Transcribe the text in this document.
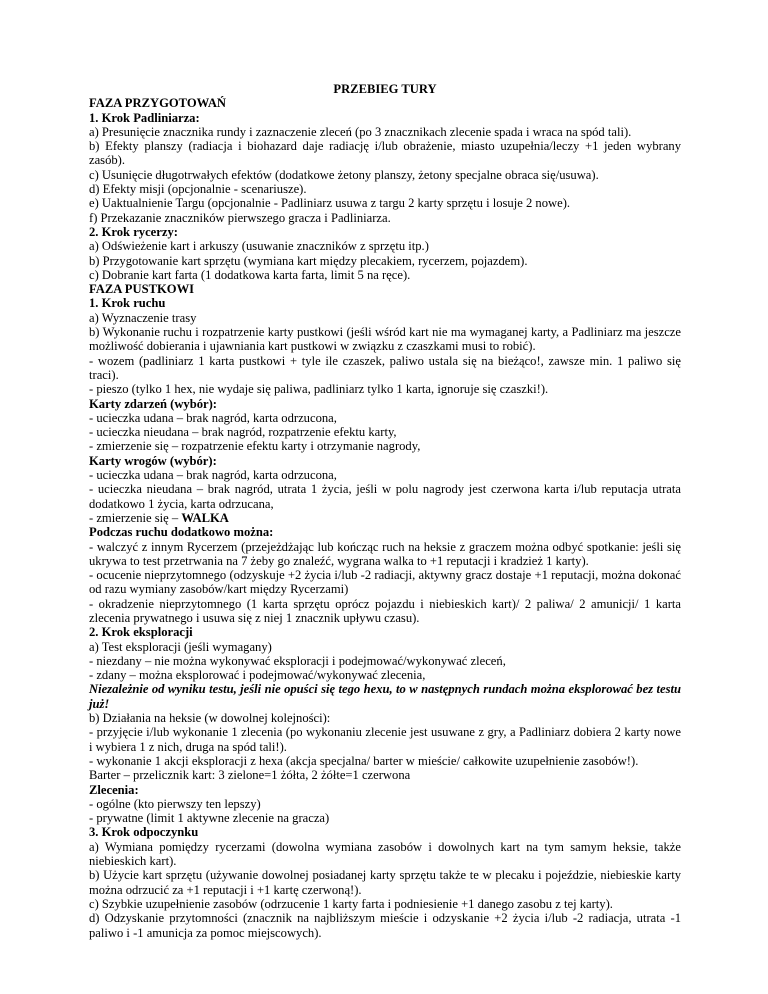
PRZEBIEG TURY

FAZA PRZYGOTOWAŃ

1. Krok Padliniarza:

a) Presunięcie znacznika rundy i zaznaczenie zleceń (po 3 znacznikach zlecenie spada i wraca na spód tali).

b) Efekty planszy (radiacja i biohazard daje radiację i/lub obrażenie, miasto uzupełnia/leczy +1 jeden wybrany zasób).

c) Usunięcie długotrwałych efektów (dodatkowe żetony planszy, żetony specjalne obraca się/usuwa).

d) Efekty misji (opcjonalnie - scenariusze).

e) Uaktualnienie Targu (opcjonalnie - Padliniarz usuwa z targu 2 karty sprzętu i losuje 2 nowe).

f) Przekazanie znaczników pierwszego gracza i Padliniarza.

2. Krok rycerzy:

a) Odświeżenie kart i arkuszy (usuwanie znaczników z sprzętu itp.)

b) Przygotowanie kart sprzętu (wymiana kart między plecakiem, rycerzem, pojazdem).

c) Dobranie kart farta (1 dodatkowa karta farta, limit 5 na ręce).

FAZA PUSTKOWI

1. Krok ruchu

a) Wyznaczenie trasy

b) Wykonanie ruchu i rozpatrzenie karty pustkowi (jeśli wśród kart nie ma wymaganej karty, a Padliniarz ma jeszcze możliwość dobierania i ujawniania kart pustkowi w związku z czaszkami musi to robić).

- wozem (padliniarz 1 karta pustkowi + tyle ile czaszek, paliwo ustala się na bieżąco!, zawsze min. 1 paliwo się traci).

- pieszo (tylko 1 hex, nie wydaje się paliwa, padliniarz tylko 1 karta, ignoruje się czaszki!).

Karty zdarzeń (wybór):

- ucieczka udana – brak nagród, karta odrzucona,

- ucieczka nieudana – brak nagród, rozpatrzenie efektu karty,

- zmierzenie się – rozpatrzenie efektu karty i otrzymanie nagrody,

Karty wrogów (wybór):

- ucieczka udana – brak nagród, karta odrzucona,

- ucieczka nieudana – brak nagród, utrata 1 życia, jeśli w polu nagrody jest czerwona karta i/lub reputacja utrata dodatkowo 1 życia, karta odrzucana,

- zmierzenie się – WALKA

Podczas ruchu dodatkowo można:

- walczyć z innym Rycerzem (przejeżdżając lub kończąc ruch na heksie z graczem można odbyć spotkanie: jeśli się ukrywa to test przetrwania na 7 żeby go znaleźć, wygrana walka to +1 reputacji i kradzież 1 karty).

- ocucenie nieprzytomnego (odzyskuje +2 życia i/lub -2 radiacji, aktywny gracz dostaje +1 reputacji, można dokonać od razu wymiany zasobów/kart między Rycerzami)

- okradzenie nieprzytomnego (1 karta sprzętu oprócz pojazdu i niebieskich kart)/ 2 paliwa/ 2 amunicji/ 1 karta zlecenia prywatnego i usuwa się z niej 1 znacznik upływu czasu).

2. Krok eksploracji

a) Test eksploracji (jeśli wymagany)

- niezdany – nie można wykonywać eksploracji i podejmować/wykonywać zleceń,

- zdany – można eksplorować i podejmować/wykonywać zlecenia,

Niezależnie od wyniku testu, jeśli nie opuści się tego hexu, to w następnych rundach można eksplorować bez testu już!

b) Działania na heksie (w dowolnej kolejności):

- przyjęcie i/lub wykonanie 1 zlecenia (po wykonaniu zlecenie jest usuwane z gry, a Padliniarz dobiera 2 karty nowe i wybiera 1 z nich, druga na spód tali!).

- wykonanie 1 akcji eksploracji z hexa (akcja specjalna/ barter w mieście/ całkowite uzupełnienie zasobów!).

Barter – przelicznik kart: 3 zielone=1 żółta, 2 żółte=1 czerwona

Zlecenia:

- ogólne (kto pierwszy ten lepszy)

- prywatne (limit 1 aktywne zlecenie na gracza)

3. Krok odpoczynku

a) Wymiana pomiędzy rycerzami (dowolna wymiana zasobów i dowolnych kart na tym samym heksie, także niebieskich kart).

b) Użycie kart sprzętu (używanie dowolnej posiadanej karty sprzętu także te w plecaku i pojeździe, niebieskie karty można odrzucić za +1 reputacji i +1 kartę czerwoną!).

c) Szybkie uzupełnienie zasobów (odrzucenie 1 karty farta i podniesienie +1 danego zasobu z tej karty).

d) Odzyskanie przytomności (znacznik na najbliższym mieście i odzyskanie +2 życia i/lub -2 radiacja, utrata -1 paliwo i -1 amunicja za pomoc miejscowych).
